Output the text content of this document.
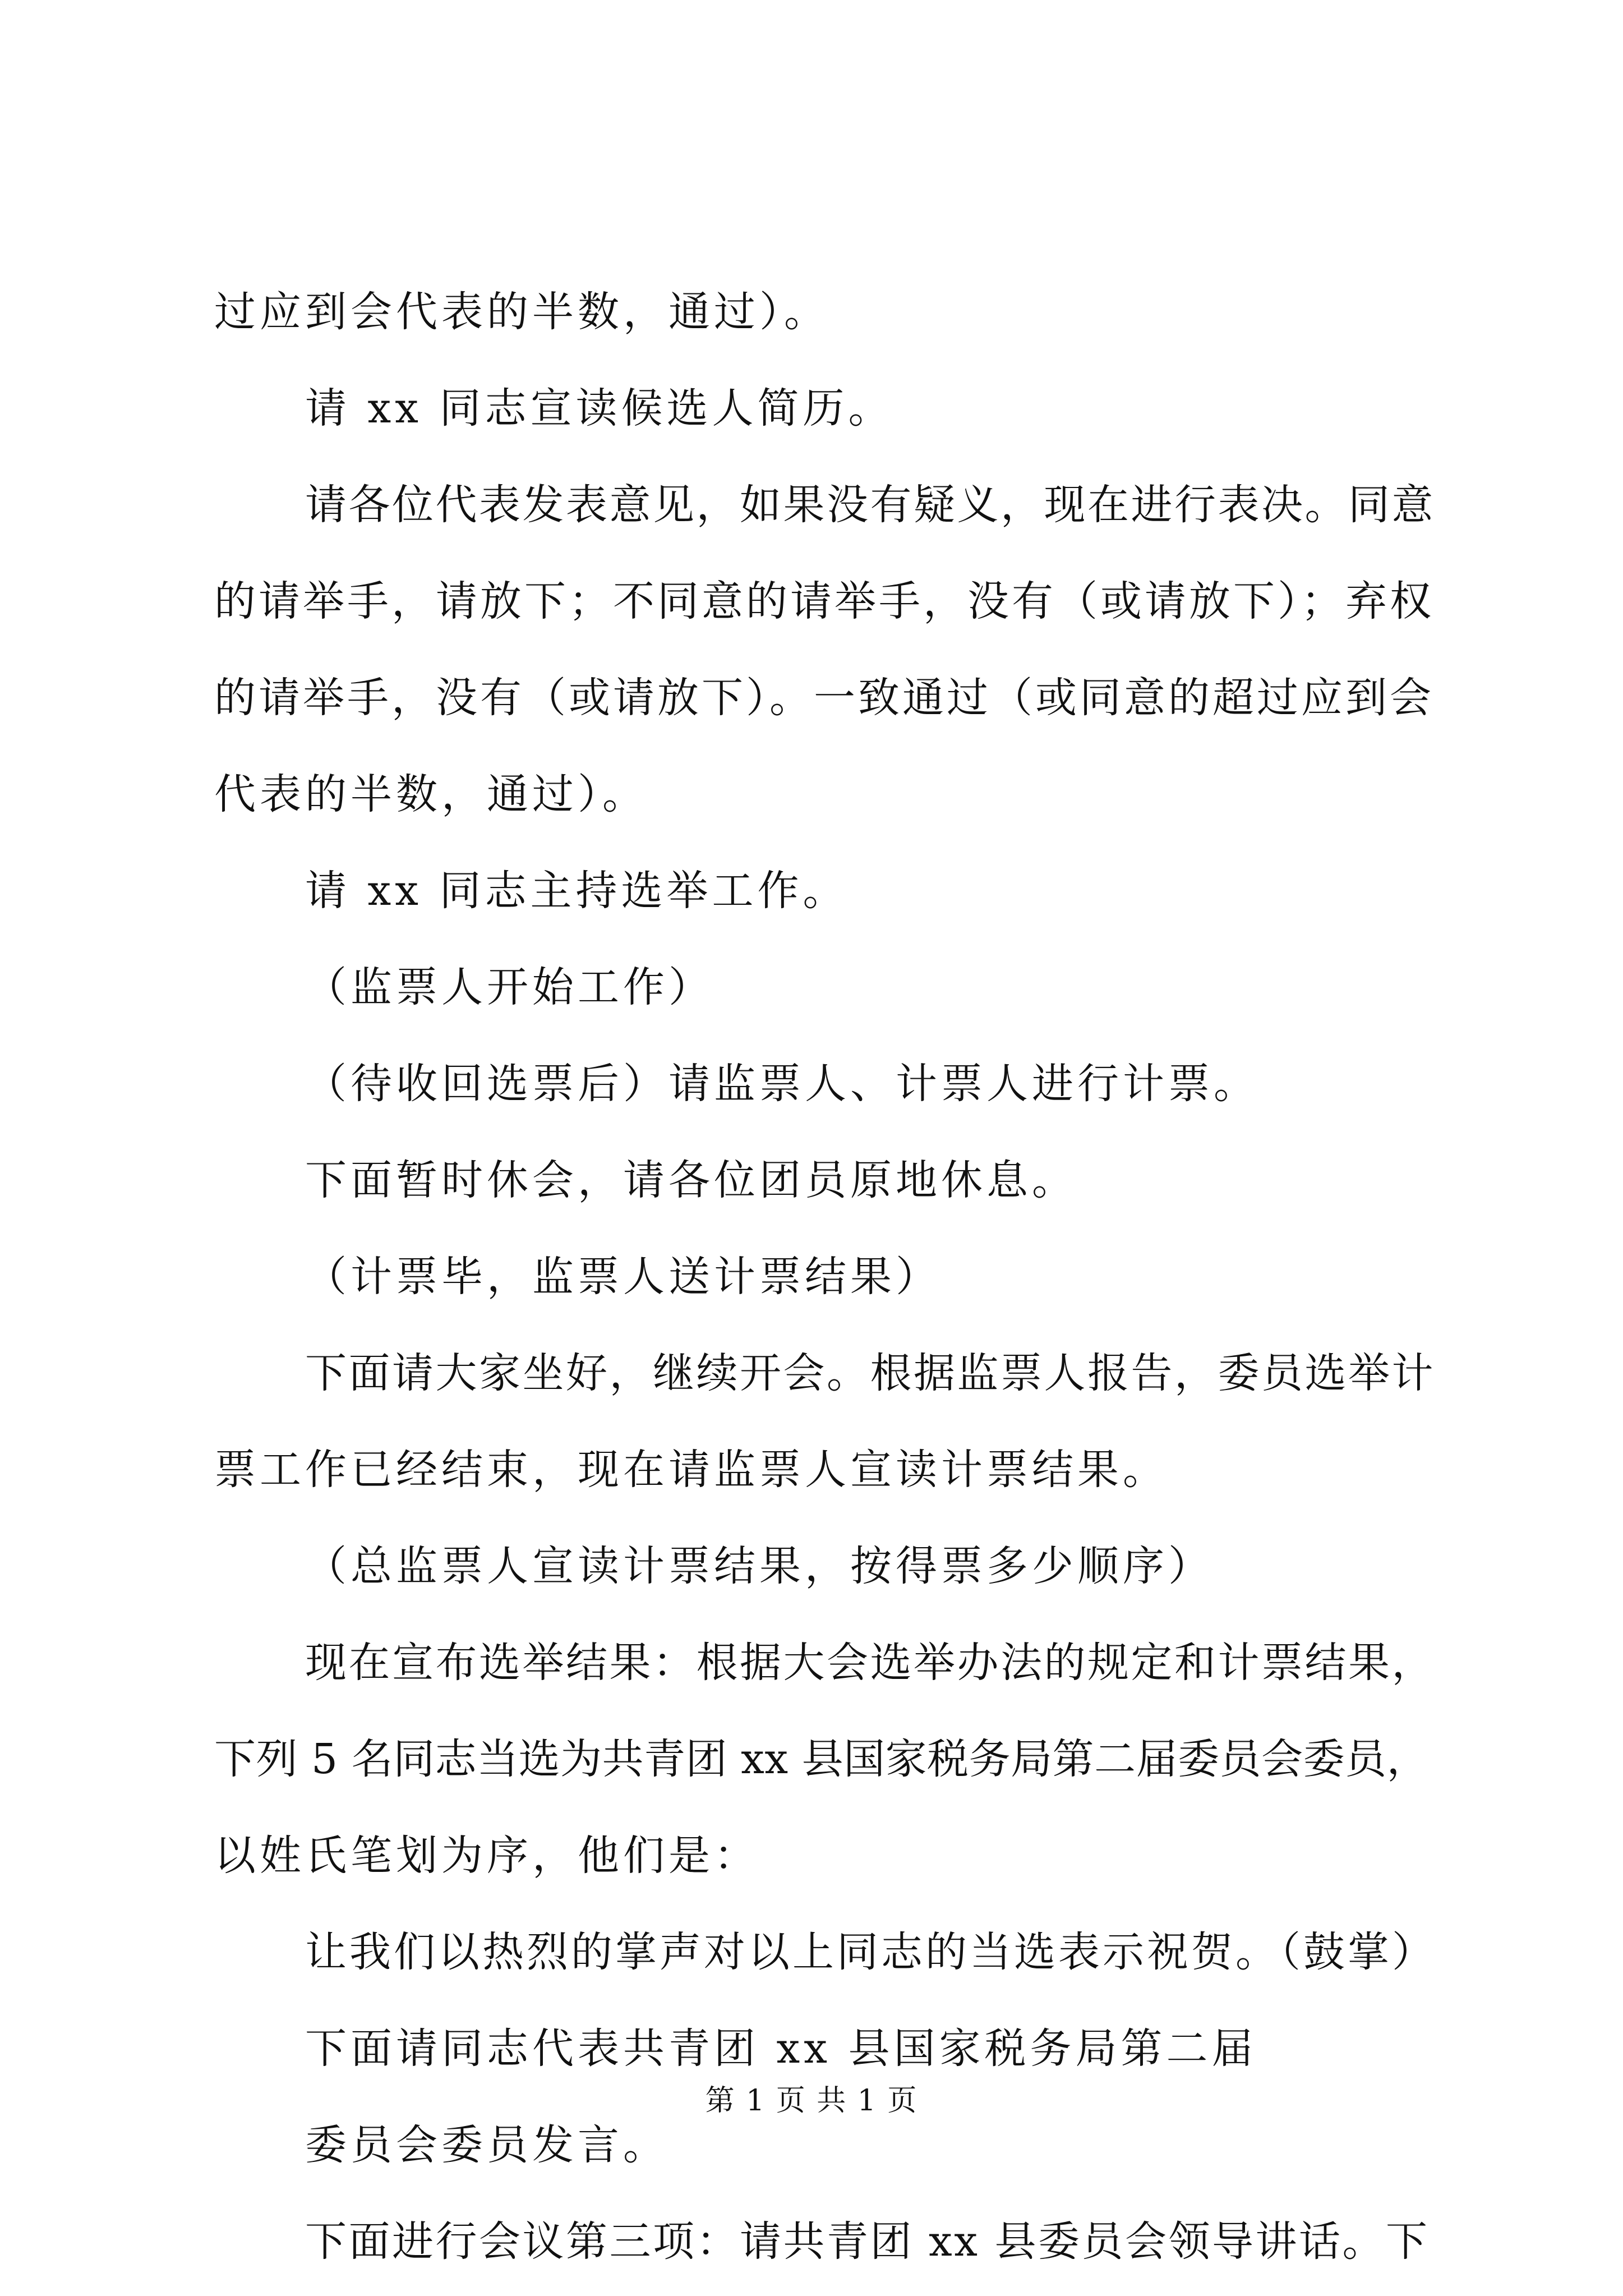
过应到会代表的半数，通过）。
请 xx 同志宣读候选人简历。
请各位代表发表意见，如果没有疑义，现在进行表决。同意
的请举手，请放下；不同意的请举手，没有（或请放下）；弃权
的请举手，没有（或请放下）。一致通过（或同意的超过应到会
代表的半数，通过）。
请 xx 同志主持选举工作。
（监票人开始工作）
（待收回选票后）请监票人、计票人进行计票。
下面暂时休会，请各位团员原地休息。
（计票毕，监票人送计票结果）
下面请大家坐好，继续开会。根据监票人报告，委员选举计
票工作已经结束，现在请监票人宣读计票结果。
（总监票人宣读计票结果，按得票多少顺序）
现在宣布选举结果：根据大会选举办法的规定和计票结果，
下列 5 名同志当选为共青团 xx 县国家税务局第二届委员会委员，
以姓氏笔划为序，他们是：
让我们以热烈的掌声对以上同志的当选表示祝贺。（鼓掌）
下面请同志代表共青团 xx 县国家税务局第二届
委员会委员发言。
下面进行会议第三项：请共青团 xx 县委员会领导讲话。下
第 1 页 共 1 页
